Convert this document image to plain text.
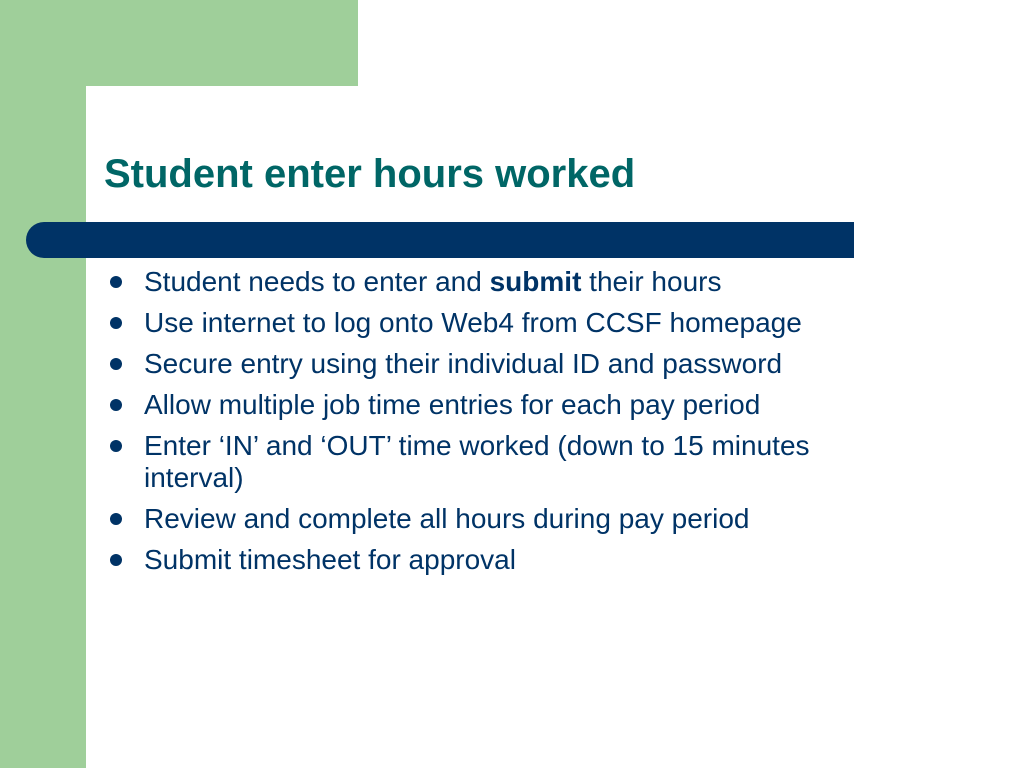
Student enter hours worked
Student needs to enter and submit their hours
Use internet to log onto Web4 from CCSF homepage
Secure entry using their individual ID and password
Allow multiple job time entries for each pay period
Enter ‘IN’ and ‘OUT’ time worked (down to 15 minutes interval)
Review and complete all hours during pay period
Submit timesheet for approval
